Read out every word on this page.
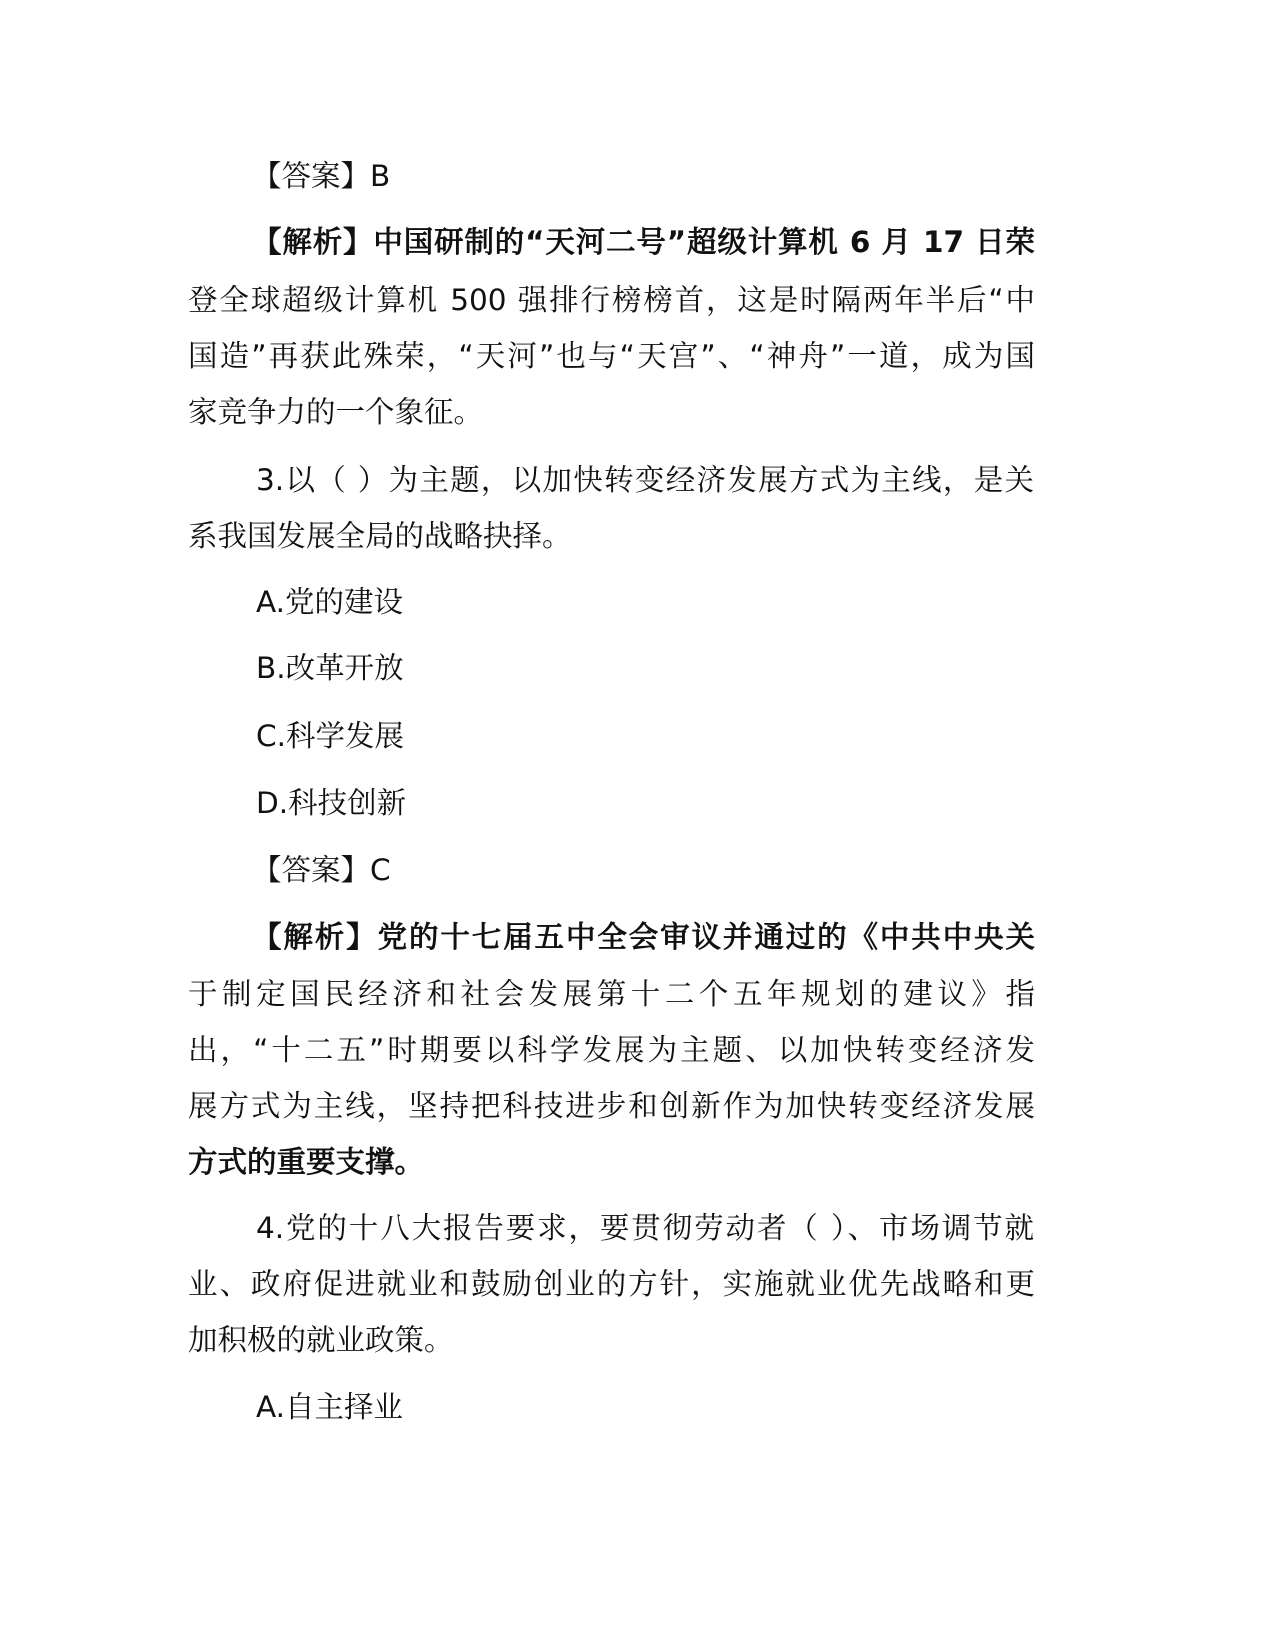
【答案】B
【解析】中国研制的“天河二号”超级计算机 6 月 17 日荣
登全球超级计算机 500 强排行榜榜首，这是时隔两年半后“中
国造”再获此殊荣，“天河”也与“天宫”、“神舟”一道，成为国
家竞争力的一个象征。
3.以（ ）为主题，以加快转变经济发展方式为主线，是关
系我国发展全局的战略抉择。
A.党的建设
B.改革开放
C.科学发展
D.科技创新
【答案】C
【解析】党的十七届五中全会审议并通过的《中共中央关
于制定国民经济和社会发展第十二个五年规划的建议》指
出，“十二五”时期要以科学发展为主题、以加快转变经济发
展方式为主线，坚持把科技进步和创新作为加快转变经济发展
方式的重要支撑。
4.党的十八大报告要求，要贯彻劳动者（ ）、市场调节就
业、政府促进就业和鼓励创业的方针，实施就业优先战略和更
加积极的就业政策。
A.自主择业
